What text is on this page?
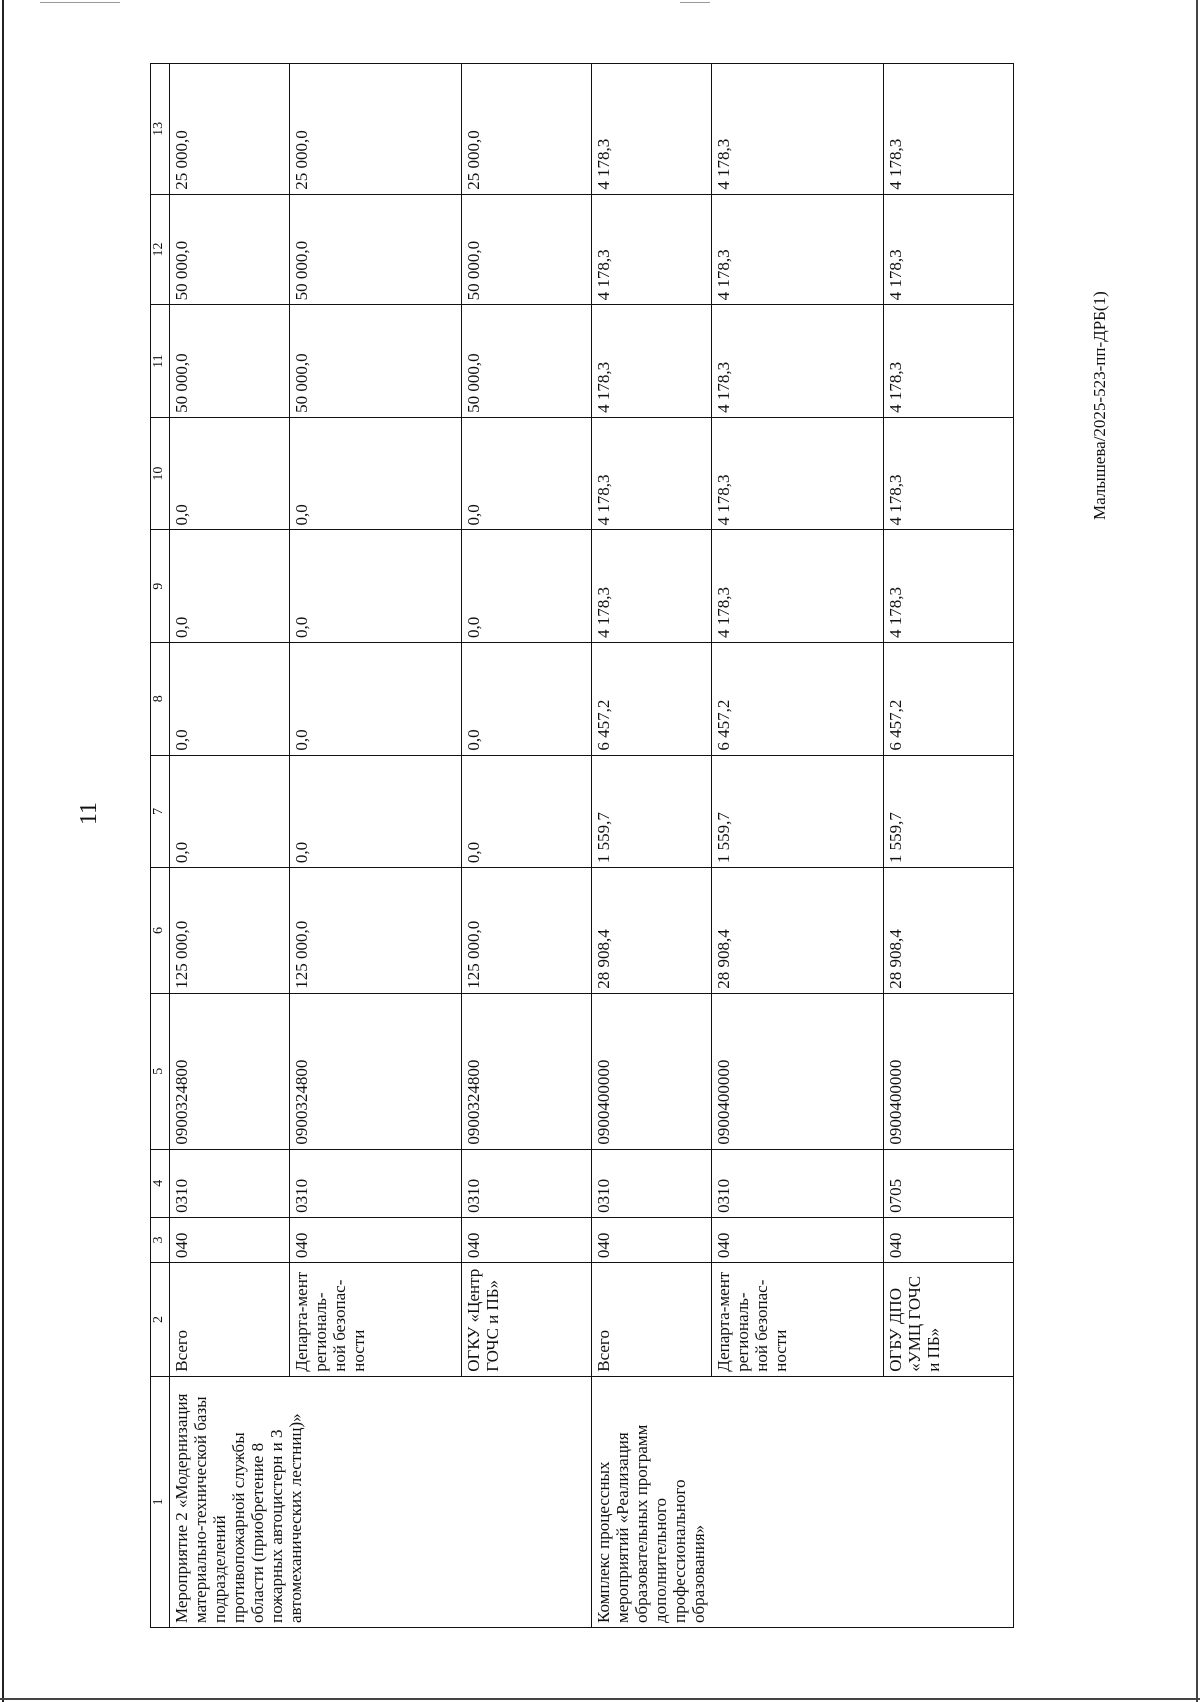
11
Малышева/2025-523-пп-ДРБ(1)
1	2	3	4	5	6	7	8	9	10	11	12	13
Мероприятие 2 «Модернизация материально-технической базы подразделений противопожарной службы области (приобретение 8 пожарных автоцистерн и 3 автомеханических лестниц)»	Всего	040	0310	0900324800	125 000,0	0,0	0,0	0,0	0,0	50 000,0	50 000,0	25 000,0
	Департа-мент региональ-ной безопас-ности	040	0310	0900324800	125 000,0	0,0	0,0	0,0	0,0	50 000,0	50 000,0	25 000,0
	ОГКУ «Центр ГОЧС и ПБ»	040	0310	0900324800	125 000,0	0,0	0,0	0,0	0,0	50 000,0	50 000,0	25 000,0
Комплекс процессных мероприятий «Реализация образовательных программ дополнительного профессионального образования»	Всего	040	0310	0900400000	28 908,4	1 559,7	6 457,2	4 178,3	4 178,3	4 178,3	4 178,3	4 178,3
	Департа-мент региональ-ной безопас-ности	040	0310	0900400000	28 908,4	1 559,7	6 457,2	4 178,3	4 178,3	4 178,3	4 178,3	4 178,3
	ОГБУ ДПО «УМЦ ГОЧС и ПБ»	040	0705	0900400000	28 908,4	1 559,7	6 457,2	4 178,3	4 178,3	4 178,3	4 178,3	4 178,3
